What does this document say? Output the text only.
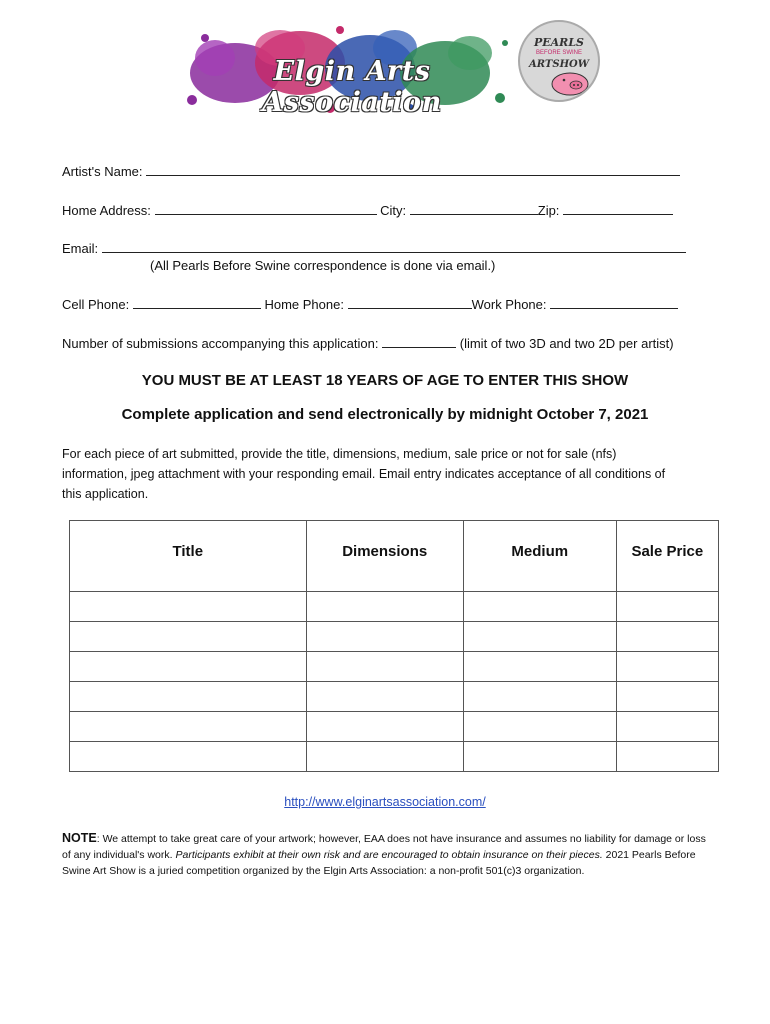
Elgin Arts Association
PEARLS
BEFORE SWINE
ARTSHOW
Artist's Name:
Home Address:	City:	Zip:
Email:
(All Pearls Before Swine correspondence is done via email.)
Cell Phone:	Home Phone:	Work Phone:
Number of submissions accompanying this application:	(limit of two 3D and two 2D per artist)
YOU MUST BE AT LEAST 18 YEARS OF AGE TO ENTER THIS SHOW
Complete application and send electronically by midnight October 7, 2021
For each piece of art submitted, provide the title, dimensions, medium, sale price or not for sale (nfs) information, jpeg attachment with your responding email. Email entry indicates acceptance of all conditions of this application.
Title	Dimensions	Medium	Sale Price

http://www.elginartsassociation.com/
NOTE: We attempt to take great care of your artwork; however, EAA does not have insurance and assumes no liability for damage or loss of any individual's work. Participants exhibit at their own risk and are encouraged to obtain insurance on their pieces. 2021 Pearls Before Swine Art Show is a juried competition organized by the Elgin Arts Association: a non-profit 501(c)3 organization.
